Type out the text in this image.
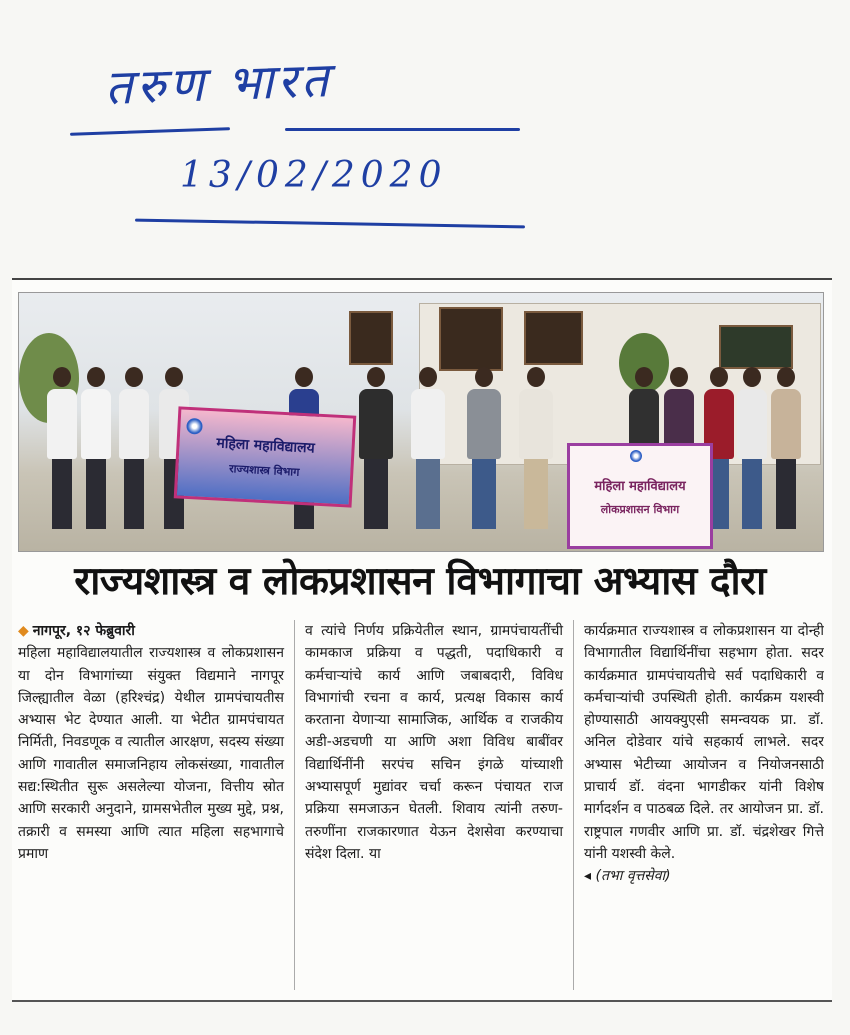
तरुण भारत
13/02/2020
महिला महाविद्यालय
राज्यशास्त्र विभाग
महिला महाविद्यालय
लोकप्रशासन विभाग
राज्यशास्त्र व लोकप्रशासन विभागाचा अभ्यास दौरा
◆ नागपूर, १२ फेब्रुवारी
महिला महाविद्यालयातील राज्यशास्त्र व लोकप्रशासन या दोन विभागांच्या संयुक्त विद्यमाने नागपूर जिल्ह्यातील वेळा (हरिश्चंद्र) येथील ग्रामपंचायतीस अभ्यास भेट देण्यात आली. या भेटीत ग्रामपंचायत निर्मिती, निवडणूक व त्यातील आरक्षण, सदस्य संख्या आणि गावातील समाजनिहाय लोकसंख्या, गावातील सद्य:स्थितीत सुरू असलेल्या योजना, वित्तीय स्रोत आणि सरकारी अनुदाने, ग्रामसभेतील मुख्य मुद्दे, प्रश्न, तक्रारी व समस्या आणि त्यात महिला सहभागाचे प्रमाण
व त्यांचे निर्णय प्रक्रियेतील स्थान, ग्रामपंचायतींची कामकाज प्रक्रिया व पद्धती, पदाधिकारी व कर्मचाऱ्यांचे कार्य आणि जबाबदारी, विविध विभागांची रचना व कार्य, प्रत्यक्ष विकास कार्य करताना येणाऱ्या सामाजिक, आर्थिक व राजकीय अडी-अडचणी या आणि अशा विविध बाबींवर विद्यार्थिनींनी सरपंच सचिन इंगळे यांच्याशी अभ्यासपूर्ण मुद्यांवर चर्चा करून पंचायत राज प्रक्रिया समजाऊन घेतली. शिवाय त्यांनी तरुण- तरुणींना राजकारणात येऊन देशसेवा करण्याचा संदेश दिला. या
कार्यक्रमात राज्यशास्त्र व लोकप्रशासन या दोन्ही विभागातील विद्यार्थिनींचा सहभाग होता. सदर कार्यक्रमात ग्रामपंचायतीचे सर्व पदाधिकारी व कर्मचाऱ्यांची उपस्थिती होती. कार्यक्रम यशस्वी होण्यासाठी आयक्युएसी समन्वयक प्रा. डॉ. अनिल दोडेवार यांचे सहकार्य लाभले. सदर अभ्यास भेटीच्या आयोजन व नियोजनसाठी प्राचार्य डॉ. वंदना भागडीकर यांनी विशेष मार्गदर्शन व पाठबळ दिले. तर आयोजन प्रा. डॉ. राष्ट्रपाल गणवीर आणि प्रा. डॉ. चंद्रशेखर गित्ते यांनी यशस्वी केले.
◂ (तभा वृत्तसेवा)
